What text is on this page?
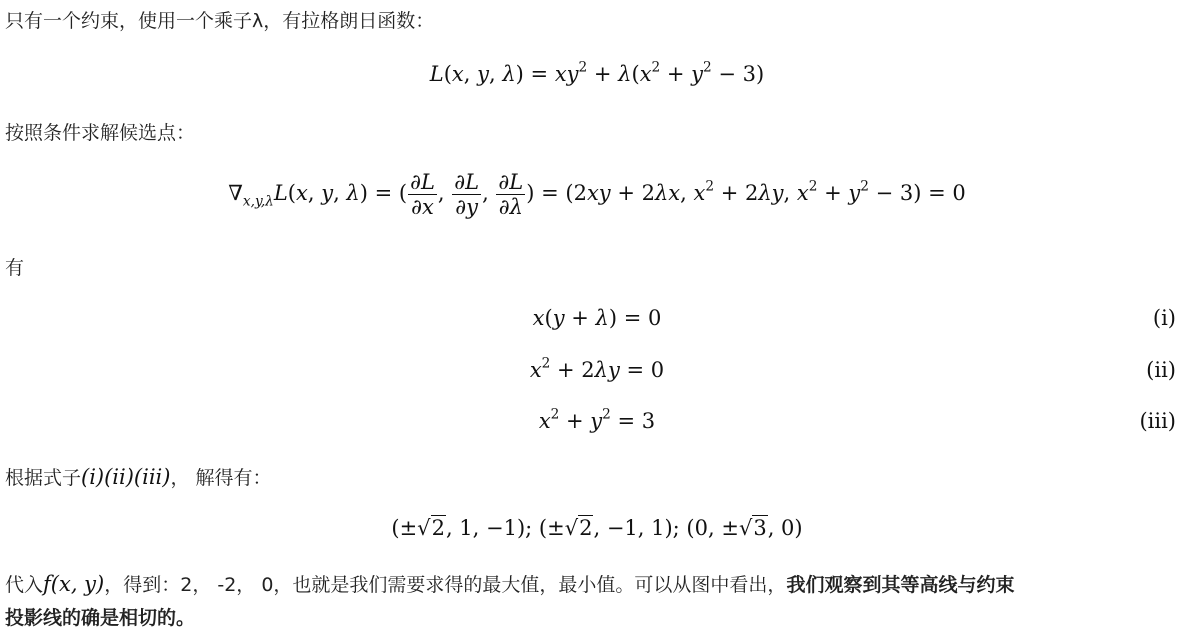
只有一个约束，使用一个乘子λ，有拉格朗日函数：
L(x, y, $\lambda) = xy^2 + \lambda(x^2 + y^2 - 3)$
按照条件求解候选点：
$\nabla_{x,y,\lambda}L(x$, y, λ) = ( $\frac{\partial L}{\partial x}$ , $\frac{\partial L}{\partial y}$ , $\frac{\partial L}{\partial\lambda}$ ) = (2xy + 2λx, $x^2 + 2\lambda y$, $x^2 + y^2 - 3) = 0$
有
x(y + λ) = 0	(i)
$x^2 + 2\lambda y = 0$	(ii)
$x^2 + y^2 = 3$	(iii)
根据式子(i)(ii)(iii)， 解得有：
(±√2, 1, −1); (±√2, −1, 1); (0, ±√3, 0)
代入f(x, y)，得到：2， -2， 0，也就是我们需要求得的最大值，最小值。可以从图中看出，我们观察到其等高线与约束
投影线的确是相切的。
